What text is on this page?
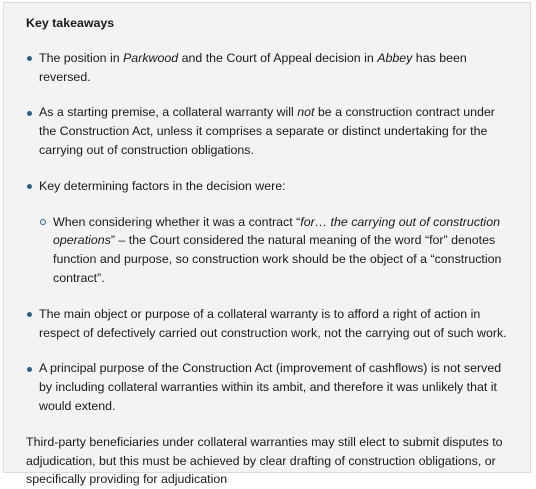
Key takeaways
The position in Parkwood and the Court of Appeal decision in Abbey has been reversed.
As a starting premise, a collateral warranty will not be a construction contract under the Construction Act, unless it comprises a separate or distinct undertaking for the carrying out of construction obligations.
Key determining factors in the decision were:
When considering whether it was a contract “for… the carrying out of construction operations” – the Court considered the natural meaning of the word “for” denotes function and purpose, so construction work should be the object of a “construction contract”.
The main object or purpose of a collateral warranty is to afford a right of action in respect of defectively carried out construction work, not the carrying out of such work.
A principal purpose of the Construction Act (improvement of cashflows) is not served by including collateral warranties within its ambit, and therefore it was unlikely that it would extend.

Third-party beneficiaries under collateral warranties may still elect to submit disputes to adjudication, but this must be achieved by clear drafting of construction obligations, or specifically providing for adjudication
